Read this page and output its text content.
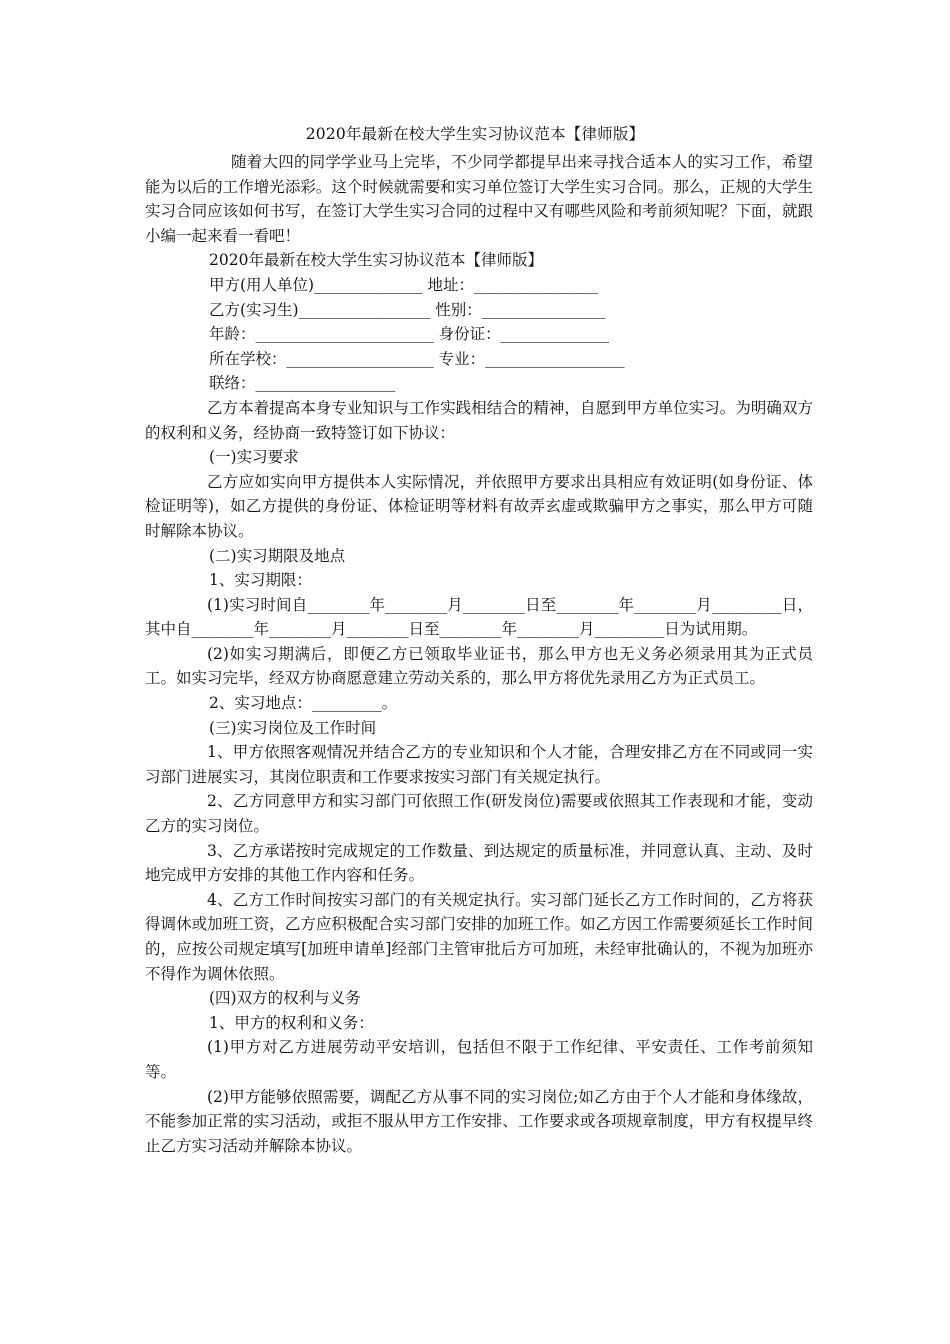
2020年最新在校大学生实习协议范本【律师版】

随着大四的同学学业马上完毕，不少同学都提早出来寻找合适本人的实习工作，希望能为以后的工作增光添彩。这个时候就需要和实习单位签订大学生实习合同。那么，正规的大学生实习合同应该如何书写，在签订大学生实习合同的过程中又有哪些风险和考前须知呢？下面，就跟小编一起来看一看吧！

2020年最新在校大学生实习协议范本【律师版】

甲方(用人单位)______________ 地址：________________

乙方(实习生)_________________ 性别：________________

年龄：_______________________ 身份证：______________

所在学校：___________________ 专业：__________________

联络：__________________

乙方本着提高本身专业知识与工作实践相结合的精神，自愿到甲方单位实习。为明确双方的权利和义务，经协商一致特签订如下协议：

(一)实习要求

乙方应如实向甲方提供本人实际情况，并依照甲方要求出具相应有效证明(如身份证、体检证明等)，如乙方提供的身份证、体检证明等材料有故弄玄虚或欺骗甲方之事实，那么甲方可随时解除本协议。

(二)实习期限及地点

1、实习期限：

(1)实习时间自________年________月________日至________年________月_________日，其中自________年________月________日至________年________月_________日为试用期。

(2)如实习期满后，即便乙方已领取毕业证书，那么甲方也无义务必须录用其为正式员工。如实习完毕，经双方协商愿意建立劳动关系的，那么甲方将优先录用乙方为正式员工。

2、实习地点：_________。

(三)实习岗位及工作时间

1、甲方依照客观情况并结合乙方的专业知识和个人才能，合理安排乙方在不同或同一实习部门进展实习，其岗位职责和工作要求按实习部门有关规定执行。

2、乙方同意甲方和实习部门可依照工作(研发岗位)需要或依照其工作表现和才能，变动乙方的实习岗位。

3、乙方承诺按时完成规定的工作数量、到达规定的质量标准，并同意认真、主动、及时地完成甲方安排的其他工作内容和任务。

4、乙方工作时间按实习部门的有关规定执行。实习部门延长乙方工作时间的，乙方将获得调休或加班工资，乙方应积极配合实习部门安排的加班工作。如乙方因工作需要须延长工作时间的，应按公司规定填写[加班申请单]经部门主管审批后方可加班，未经审批确认的，不视为加班亦不得作为调休依照。

(四)双方的权利与义务

1、甲方的权利和义务：

(1)甲方对乙方进展劳动平安培训，包括但不限于工作纪律、平安责任、工作考前须知等。

(2)甲方能够依照需要，调配乙方从事不同的实习岗位;如乙方由于个人才能和身体缘故，不能参加正常的实习活动，或拒不服从甲方工作安排、工作要求或各项规章制度，甲方有权提早终止乙方实习活动并解除本协议。
